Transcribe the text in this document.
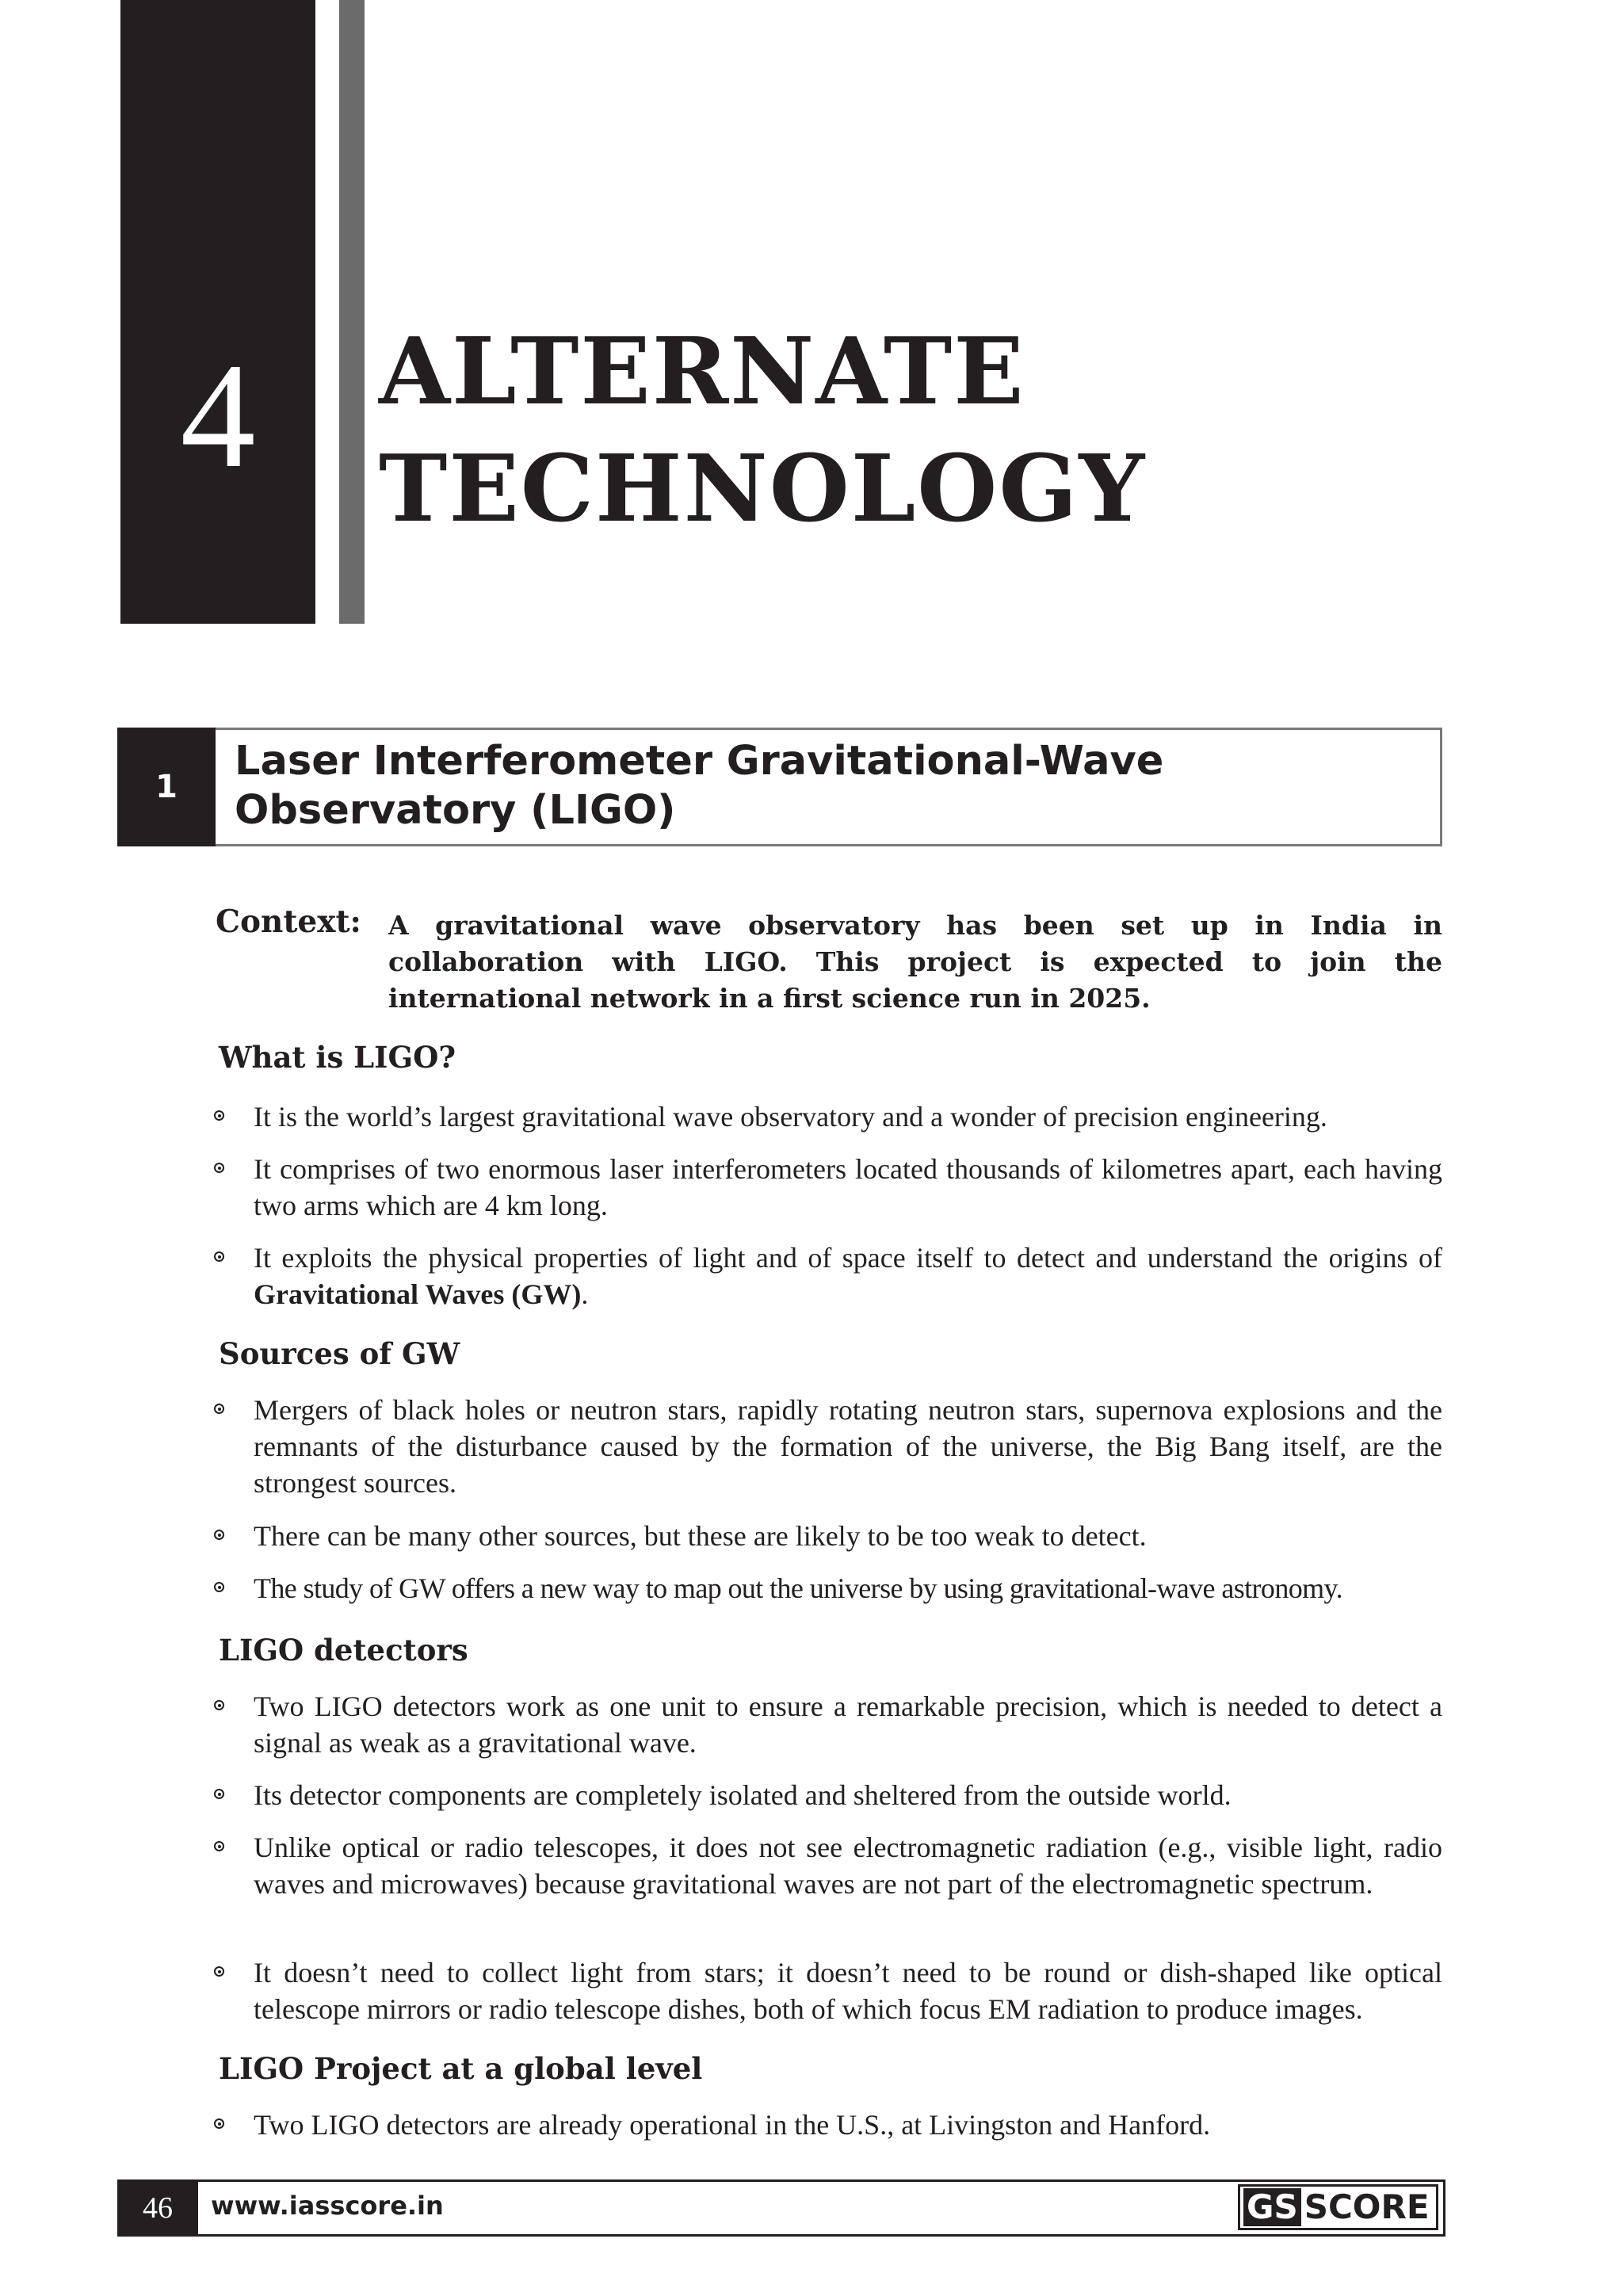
4	ALTERNATE
TECHNOLOGY
1
Laser Interferometer Gravitational-Wave Observatory (LIGO)
Context: A gravitational wave observatory has been set up in India in collaboration with LIGO. This project is expected to join the international network in a first science run in 2025.
What is LIGO?
It is the world’s largest gravitational wave observatory and a wonder of precision engineering.
It comprises of two enormous laser interferometers located thousands of kilometres apart, each having two arms which are 4 km long.
It exploits the physical properties of light and of space itself to detect and understand the origins of Gravitational Waves (GW).
Sources of GW
Mergers of black holes or neutron stars, rapidly rotating neutron stars, supernova explosions and the remnants of the disturbance caused by the formation of the universe, the Big Bang itself, are the strongest sources.
There can be many other sources, but these are likely to be too weak to detect.
The study of GW offers a new way to map out the universe by using gravitational-wave astronomy.
LIGO detectors
Two LIGO detectors work as one unit to ensure a remarkable precision, which is needed to detect a signal as weak as a gravitational wave.
Its detector components are completely isolated and sheltered from the outside world.
Unlike optical or radio telescopes, it does not see electromagnetic radiation (e.g., visible light, radio waves and microwaves) because gravitational waves are not part of the electromagnetic spectrum.
It doesn’t need to collect light from stars; it doesn’t need to be round or dish-shaped like optical telescope mirrors or radio telescope dishes, both of which focus EM radiation to produce images.
LIGO Project at a global level
Two LIGO detectors are already operational in the U.S., at Livingston and Hanford.
46	www.iasscore.in	GS SCORE
